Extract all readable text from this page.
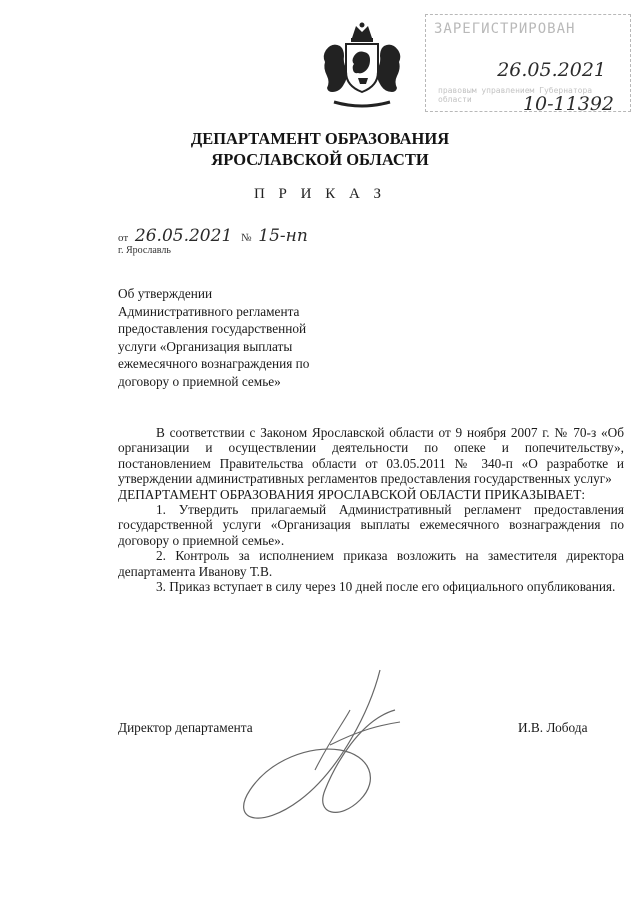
ЗАРЕГИСТРИРОВАН
26.05.2021
правовым управлением Губернатора области	10-11392
ДЕПАРТАМЕНТ ОБРАЗОВАНИЯ
ЯРОСЛАВСКОЙ ОБЛАСТИ
П Р И К А З
от 26.05.2021 № 15-нп
г. Ярославль
Об утверждении
Административного регламента
предоставления государственной
услуги «Организация выплаты
ежемесячного вознаграждения по
договору о приемной семье»

В соответствии с Законом Ярославской области от 9 ноября 2007 г. № 70-з «Об организации и осуществлении деятельности по опеке и попечительству», постановлением Правительства области от 03.05.2011 № 340-п «О разработке и утверждении административных регламентов предоставления государственных услуг»

ДЕПАРТАМЕНТ ОБРАЗОВАНИЯ ЯРОСЛАВСКОЙ ОБЛАСТИ ПРИКАЗЫВАЕТ:

1. Утвердить прилагаемый Административный регламент предоставления государственной услуги «Организация выплаты ежемесячного вознаграждения по договору о приемной семье».

2. Контроль за исполнением приказа возложить на заместителя директора департамента Иванову Т.В.

3. Приказ вступает в силу через 10 дней после его официального опубликования.

Директор департамента	И.В. Лобода
